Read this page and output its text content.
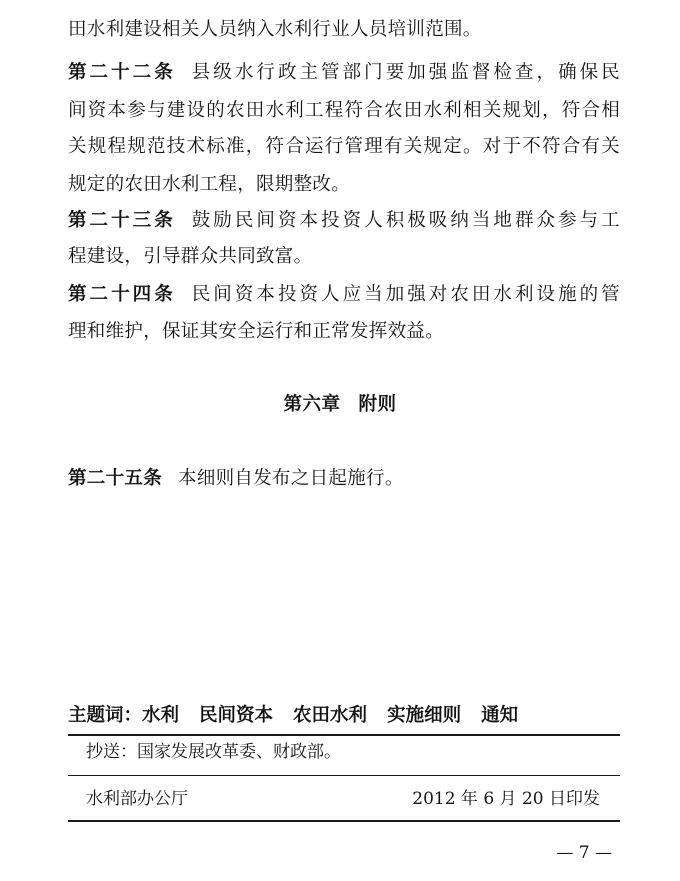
田水利建设相关人员纳入水利行业人员培训范围。
第二十二条 县级水行政主管部门要加强监督检查，确保民
间资本参与建设的农田水利工程符合农田水利相关规划，符合相
关规程规范技术标准，符合运行管理有关规定。对于不符合有关
规定的农田水利工程，限期整改。
第二十三条 鼓励民间资本投资人积极吸纳当地群众参与工
程建设，引导群众共同致富。
第二十四条 民间资本投资人应当加强对农田水利设施的管
理和维护，保证其安全运行和正常发挥效益。
第六章 附则
第二十五条 本细则自发布之日起施行。
主题词：水利 民间资本 农田水利 实施细则 通知
抄送：国家发展改革委、财政部。
水利部办公厅	2012 年 6 月 20 日印发
— 7 —
